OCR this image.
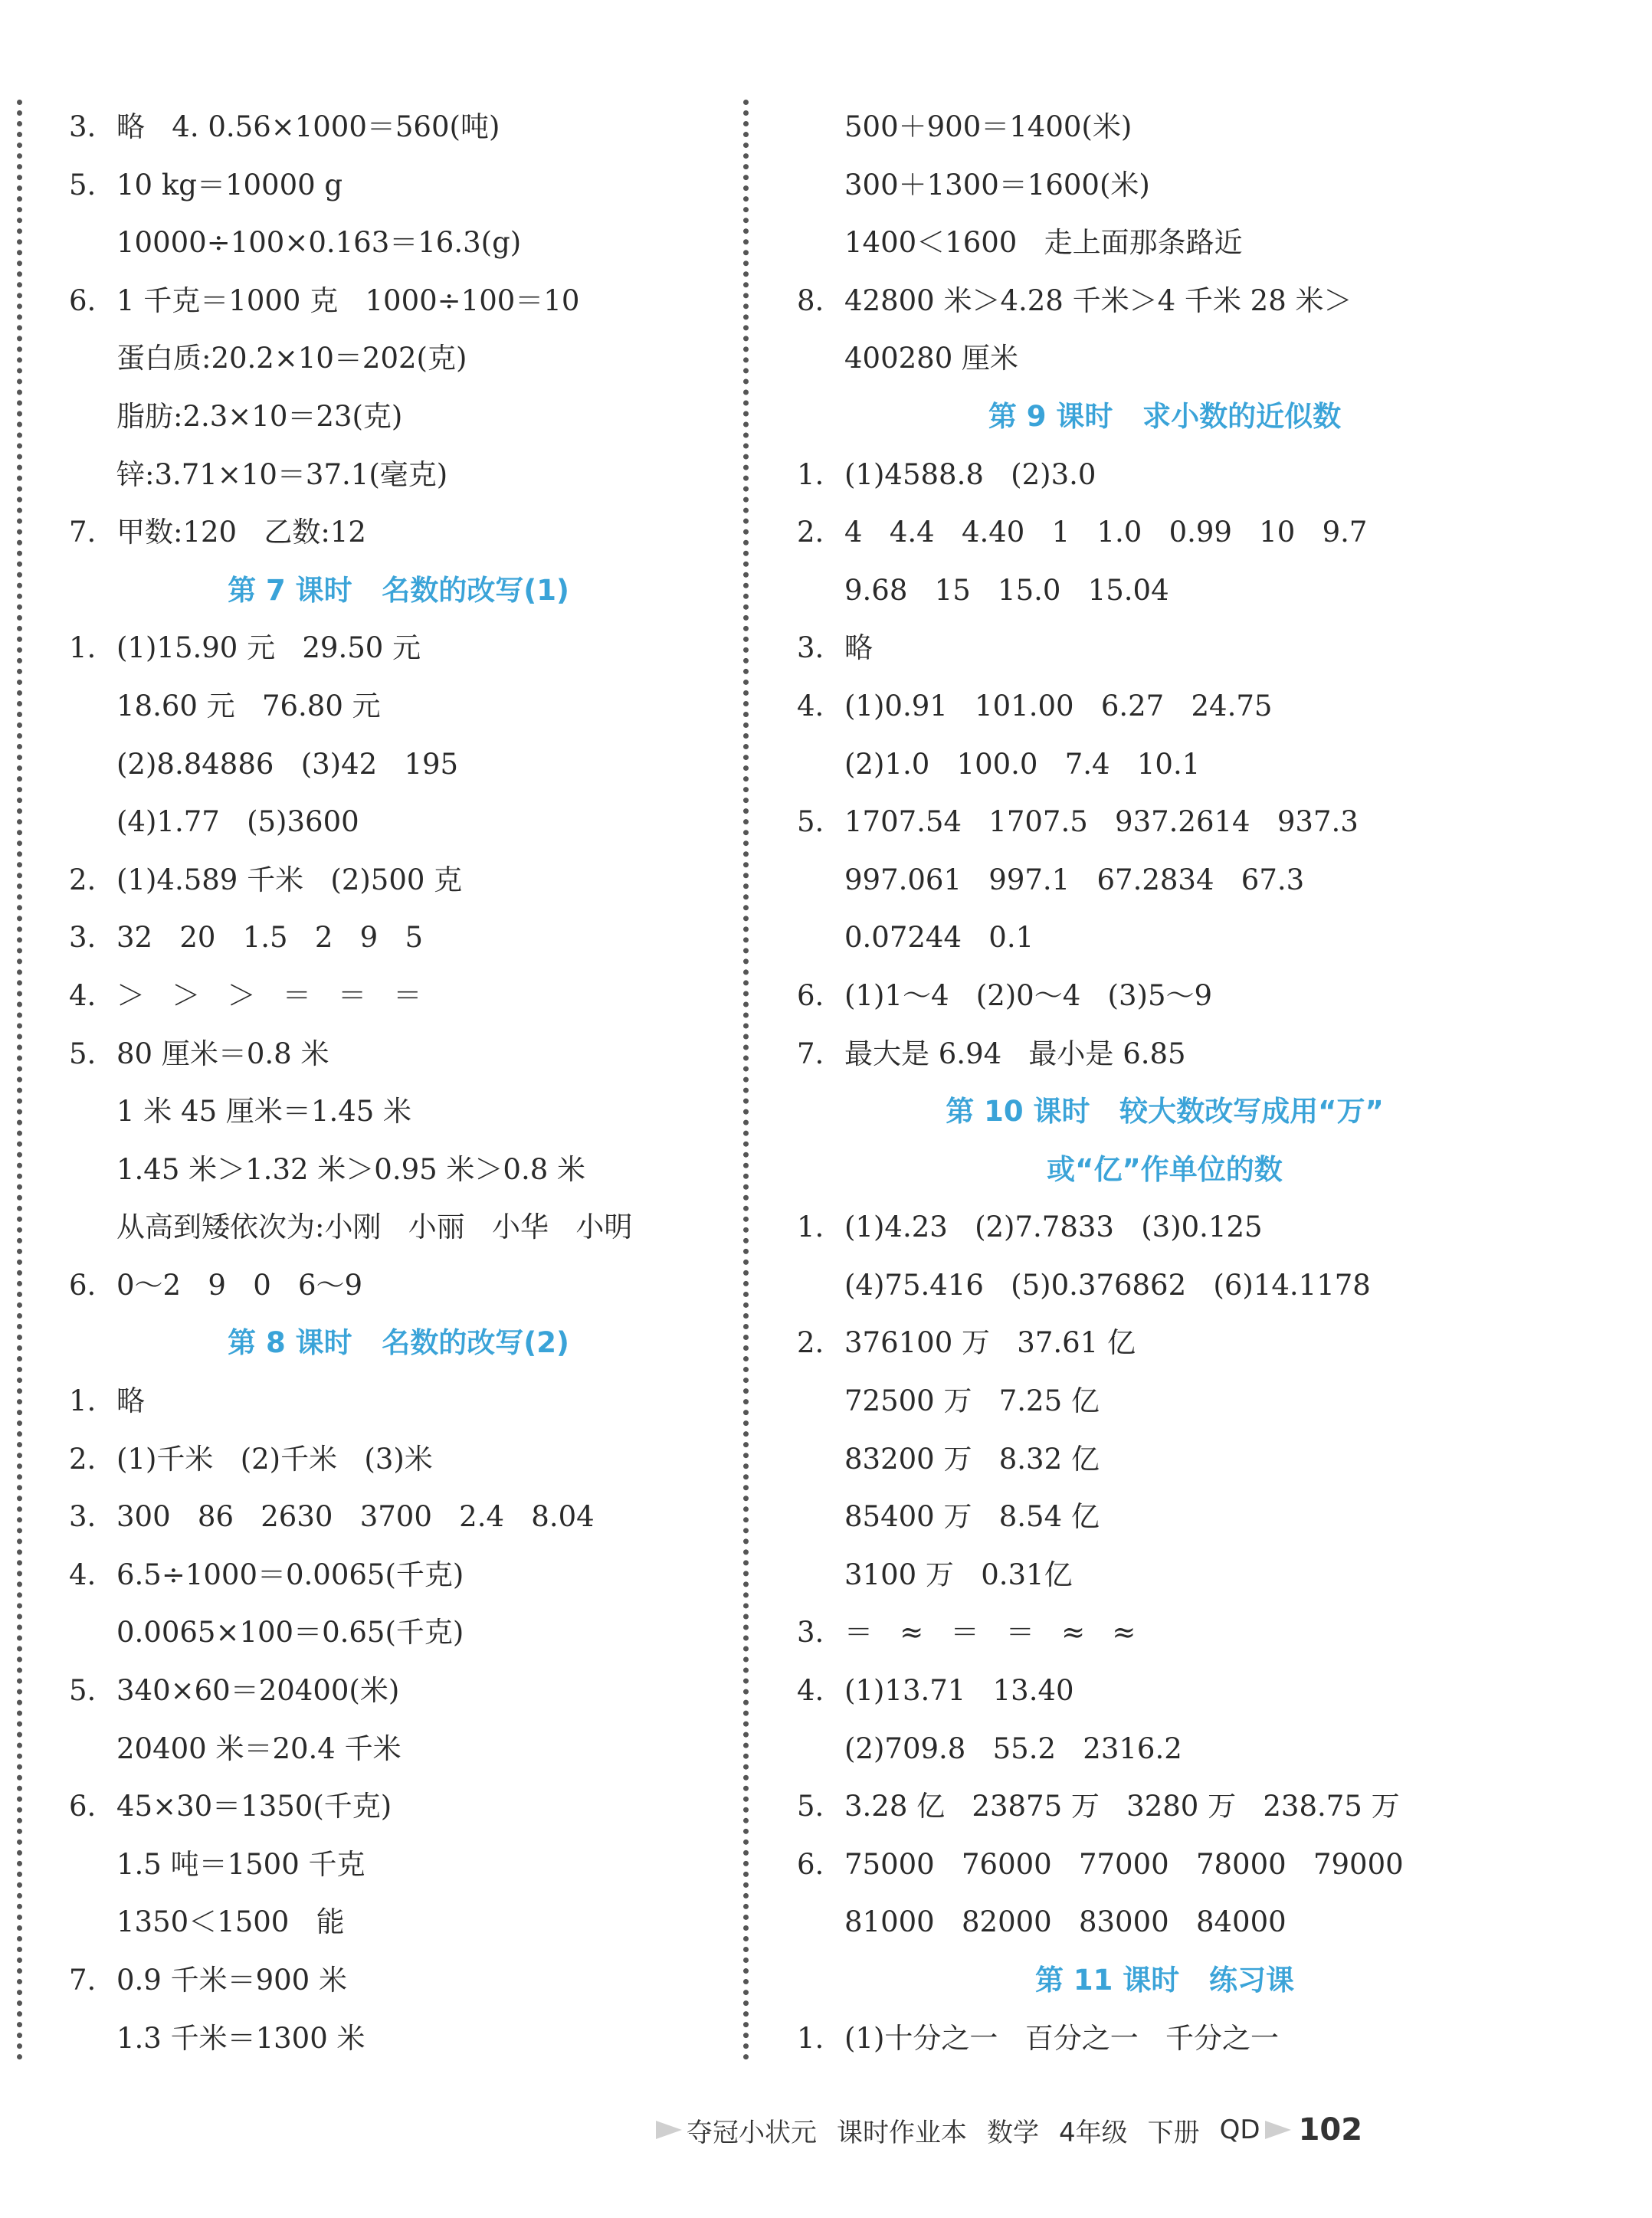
3. 略   4. 0.56×1000＝560(吨)
5. 10 kg＝10000 g
10000÷100×0.163＝16.3(g)
6. 1 千克＝1000 克   1000÷100＝10
蛋白质:20.2×10＝202(克)
脂肪:2.3×10＝23(克)
锌:3.71×10＝37.1(毫克)
7. 甲数:120   乙数:12
第 7 课时   名数的改写(1)
1. (1)15.90 元   29.50 元
18.60 元   76.80 元
(2)8.84886   (3)42   195
(4)1.77   (5)3600
2. (1)4.589 千米   (2)500 克
3. 32   20   1.5   2   9   5
4. ＞   ＞   ＞   ＝   ＝   ＝
5. 80 厘米＝0.8 米
1 米 45 厘米＝1.45 米
1.45 米＞1.32 米＞0.95 米＞0.8 米
从高到矮依次为:小刚   小丽   小华   小明
6. 0～2   9   0   6～9
第 8 课时   名数的改写(2)
1. 略
2. (1)千米   (2)千米   (3)米
3. 300   86   2630   3700   2.4   8.04
4. 6.5÷1000＝0.0065(千克)
0.0065×100＝0.65(千克)
5. 340×60＝20400(米)
20400 米＝20.4 千米
6. 45×30＝1350(千克)
1.5 吨＝1500 千克
1350＜1500   能
7. 0.9 千米＝900 米
1.3 千米＝1300 米
500＋900＝1400(米)
300＋1300＝1600(米)
1400＜1600   走上面那条路近
8. 42800 米＞4.28 千米＞4 千米 28 米＞
400280 厘米
第 9 课时   求小数的近似数
1. (1)4588.8   (2)3.0
2. 4   4.4   4.40   1   1.0   0.99   10   9.7
9.68   15   15.0   15.04
3. 略
4. (1)0.91   101.00   6.27   24.75
(2)1.0   100.0   7.4   10.1
5. 1707.54   1707.5   937.2614   937.3
997.061   997.1   67.2834   67.3
0.07244   0.1
6. (1)1～4   (2)0～4   (3)5～9
7. 最大是 6.94   最小是 6.85
第 10 课时   较大数改写成用“万”
或“亿”作单位的数
1. (1)4.23   (2)7.7833   (3)0.125
(4)75.416   (5)0.376862   (6)14.1178
2. 376100 万   37.61 亿
72500 万   7.25 亿
83200 万   8.32 亿
85400 万   8.54 亿
3100 万   0.31亿
3. ＝   ≈   ＝   ＝   ≈   ≈
4. (1)13.71   13.40
(2)709.8   55.2   2316.2
5. 3.28 亿   23875 万   3280 万   238.75 万
6. 75000   76000   77000   78000   79000
81000   82000   83000   84000
第 11 课时   练习课
1. (1)十分之一   百分之一   千分之一
夺冠小状元 课时作业本 数学 4年级 下册 QD 102
